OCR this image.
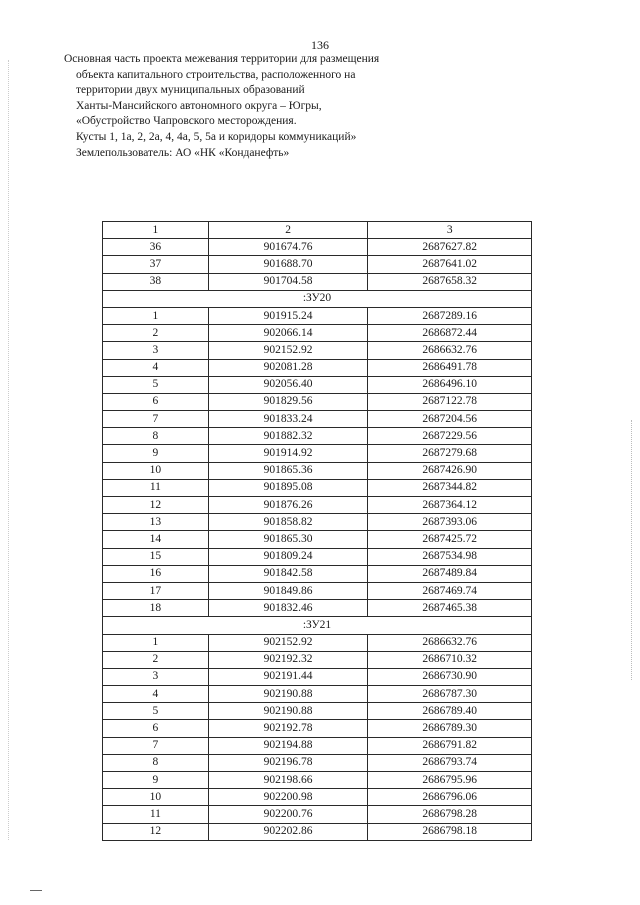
136
Основная часть проекта межевания территории для размещения
объекта капитального строительства, расположенного на
территории двух муниципальных образований
Ханты-Мансийского автономного округа – Югры,
«Обустройство Чапровского месторождения.
Кусты 1, 1а, 2, 2а, 4, 4а, 5, 5а и коридоры коммуникаций»
Землепользователь: АО «НК «Конданефть»
1	2	3
36	901674.76	2687627.82
37	901688.70	2687641.02
38	901704.58	2687658.32
:ЗУ20		
1	901915.24	2687289.16
2	902066.14	2686872.44
3	902152.92	2686632.76
4	902081.28	2686491.78
5	902056.40	2686496.10
6	901829.56	2687122.78
7	901833.24	2687204.56
8	901882.32	2687229.56
9	901914.92	2687279.68
10	901865.36	2687426.90
11	901895.08	2687344.82
12	901876.26	2687364.12
13	901858.82	2687393.06
14	901865.30	2687425.72
15	901809.24	2687534.98
16	901842.58	2687489.84
17	901849.86	2687469.74
18	901832.46	2687465.38
:ЗУ21		
1	902152.92	2686632.76
2	902192.32	2686710.32
3	902191.44	2686730.90
4	902190.88	2686787.30
5	902190.88	2686789.40
6	902192.78	2686789.30
7	902194.88	2686791.82
8	902196.78	2686793.74
9	902198.66	2686795.96
10	902200.98	2686796.06
11	902200.76	2686798.28
12	902202.86	2686798.18
